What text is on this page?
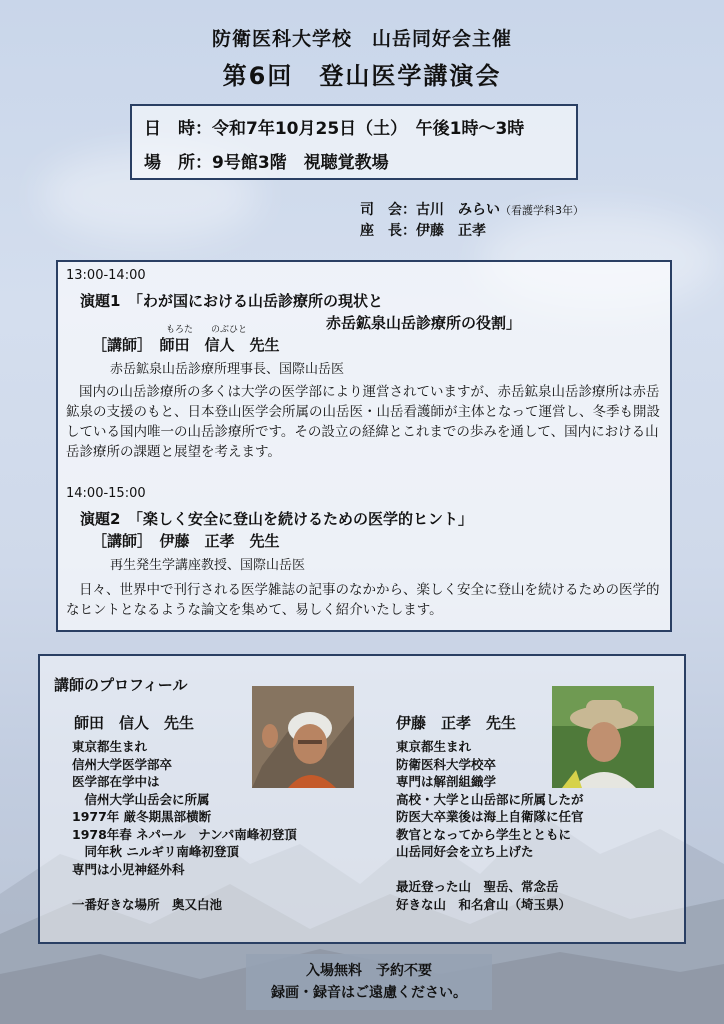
防衛医科大学校　山岳同好会主催
第6回　登山医学講演会
日　時：令和7年10月25日（土）　午後1時～3時
場　所：9号館3階　視聴覚教場
司　会：古川　みらい（看護学科3年）
座　長：伊藤　正孝
13:00-14:00
演題1　「わが国における山岳診療所の現状と
赤岳鉱泉山岳診療所の役割」
もろた　　のぶひと
［講師］　師田　信人　先生
赤岳鉱泉山岳診療所理事長、国際山岳医
国内の山岳診療所の多くは大学の医学部により運営されていますが、赤岳鉱泉山岳診療所は赤岳鉱泉の支援のもと、日本登山医学会所属の山岳医・山岳看護師が主体となって運営し、冬季も開設している国内唯一の山岳診療所です。その設立の経緯とこれまでの歩みを通して、国内における山岳診療所の課題と展望を考えます。
14:00-15:00
演題2　「楽しく安全に登山を続けるための医学的ヒント」
［講師］　伊藤　正孝　先生
再生発生学講座教授、国際山岳医
日々、世界中で刊行される医学雑誌の記事のなかから、楽しく安全に登山を続けるための医学的なヒントとなるような論文を集めて、易しく紹介いたします。
講師のプロフィール
師田　信人　先生
東京都生まれ
信州大学医学部卒
医学部在学中は
　信州大学山岳会に所属
1977年 厳冬期黒部横断
1978年春 ネパール　ナンパ南峰初登頂
　同年秋 ニルギリ南峰初登頂
専門は小児神経外科
一番好きな場所　奥又白池
伊藤　正孝　先生
東京都生まれ
防衛医科大学校卒
専門は解剖組織学
高校・大学と山岳部に所属したが
防医大卒業後は海上自衛隊に任官
教官となってから学生とともに
山岳同好会を立ち上げた
最近登った山　聖岳、常念岳
好きな山　和名倉山（埼玉県）
入場無料　予約不要
録画・録音はご遠慮ください。
